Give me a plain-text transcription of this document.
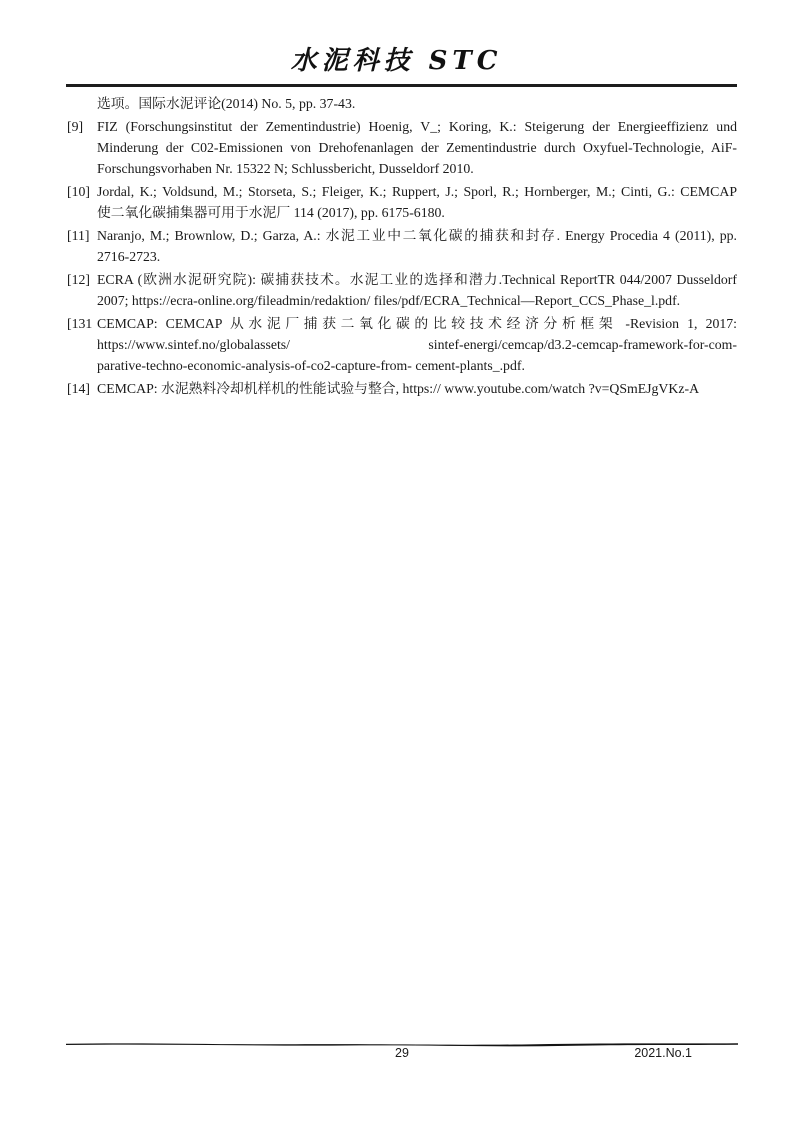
水泥科技 STC
选项。国际水泥评论(2014) No. 5, pp. 37-43.
[9]	FIZ (Forschungsinstitut der Zementindustrie) Hoenig, V_; Koring, K.: Steigerung der Energieeffizienz und
Minderung der C02-Emissionen von Drehofenanlagen der Zementindustrie durch Oxyfuel-Technologie, AiF-
Forschungsvorhaben Nr. 15322 N; Schlussbericht, Dusseldorf 2010.
[10] Jordal, K.; Voldsund, M.; Storseta, S.; Fleiger, K.; Ruppert, J.; Sporl, R.; Hornberger, M.; Cinti, G.: CEMCAP
使二氧化碳捕集器可用于水泥厂 114 (2017), pp. 6175-6180.
[11] Naranjo, M.; Brownlow, D.; Garza, A.: 水泥工业中二氧化碳的捕获和封存. Energy Procedia 4 (2011), pp.
2716-2723.
[12] ECRA (欧洲水泥研究院): 碳捕获技术。水泥工业的选择和潜力.Technical ReportTR 044/2007 Dusseldorf
2007; https://ecra-online.org/fileadmin/redaktion/ files/pdf/ECRA_Technical—Report_CCS_Phase_l.pdf.
[131 CEMCAP: CEMCAP 从水泥厂捕获二氧化碳的比较技术经济分析框架 -Revision 1, 2017:
https://www.sintef.no/globalassets/ sintef-energi/cemcap/d3.2-cemcap-framework-for-com-
parative-techno-economic-analysis-of-co2-capture-from- cement-plants_.pdf.
[14] CEMCAP: 水泥熟料冷却机样机的性能试验与整合, https:// www.youtube.com/watch ?v=QSmEJgVKz-A
29	2021.No.1
